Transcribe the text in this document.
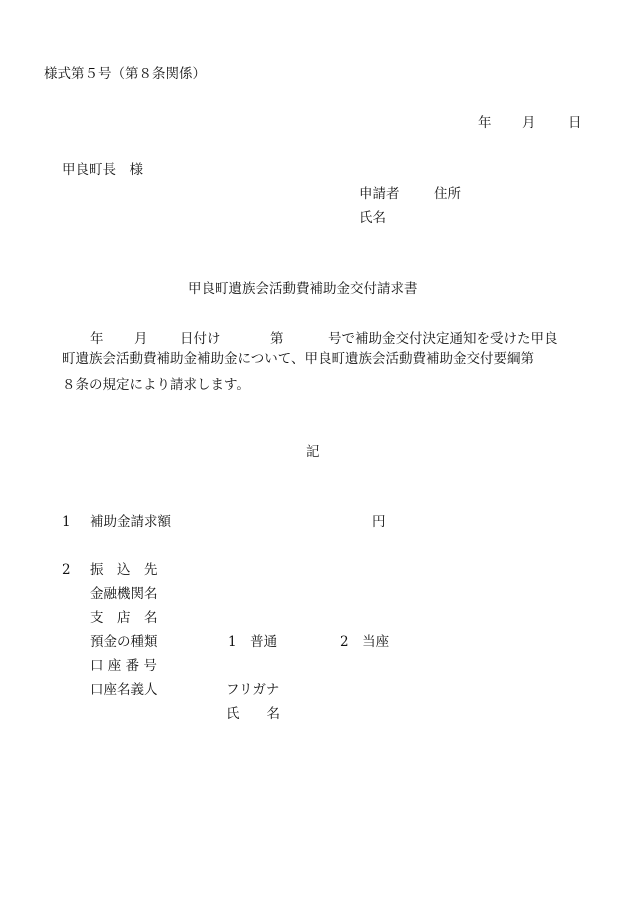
様式第５号（第８条関係）
年 月 日
甲良町長　様
申請者	住所
氏名
甲良町遺族会活動費補助金交付請求書
年 月 日付け	第	号で補助金交付決定通知を受けた甲良
町遺族会活動費補助金補助金について、甲良町遺族会活動費補助金交付要綱第
８条の規定により請求します。
記
1 補助金請求額	円
2 振　込　先
金融機関名
支　店　名
預金の種類	1　普通	2　当座
口 座 番 号
口座名義人	フリガナ
氏　　名
